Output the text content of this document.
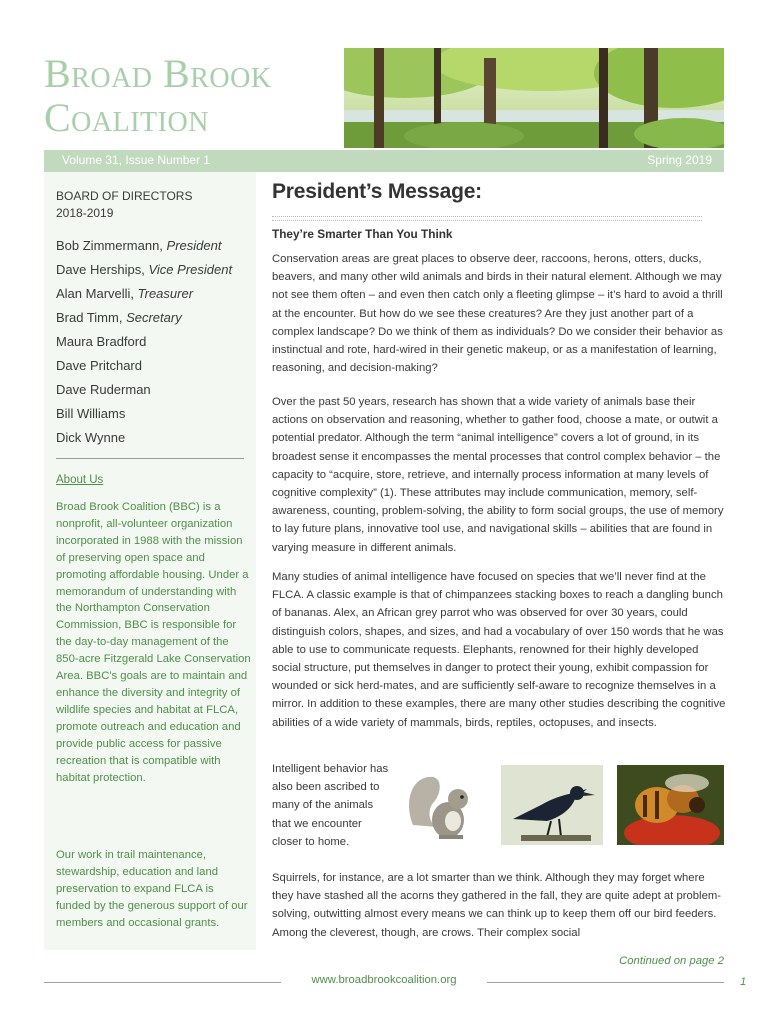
Broad Brook
Coalition
Volume 31, Issue Number 1	Spring 2019
BOARD OF DIRECTORS
2018-2019
Bob Zimmermann, President
Dave Herships, Vice President
Alan Marvelli, Treasurer
Brad Timm, Secretary
Maura Bradford
Dave Pritchard
Dave Ruderman
Bill Williams
Dick Wynne
About Us

Broad Brook Coalition (BBC) is a nonprofit, all-volunteer organization incorporated in 1988 with the mission of preserving open space and promoting affordable housing. Under a memorandum of understanding with the Northampton Conservation Commission, BBC is responsible for the day-to-day management of the 850-acre Fitzgerald Lake Conservation Area. BBC's goals are to maintain and enhance the diversity and integrity of wildlife species and habitat at FLCA, promote outreach and education and provide public access for passive recreation that is compatible with habitat protection.

Our work in trail maintenance, stewardship, education and land preservation to expand FLCA is funded by the generous support of our members and occasional grants.

President’s Message:
They’re Smarter Than You Think

Conservation areas are great places to observe deer, raccoons, herons, otters, ducks, beavers, and many other wild animals and birds in their natural element. Although we may not see them often – and even then catch only a fleeting glimpse – it’s hard to avoid a thrill at the encounter. But how do we see these creatures? Are they just another part of a complex landscape? Do we think of them as individuals? Do we consider their behavior as instinctual and rote, hard-wired in their genetic makeup, or as a manifestation of learning, reasoning, and decision-making?

Over the past 50 years, research has shown that a wide variety of animals base their actions on observation and reasoning, whether to gather food, choose a mate, or outwit a potential predator. Although the term “animal intelligence” covers a lot of ground, in its broadest sense it encompasses the mental processes that control complex behavior – the capacity to “acquire, store, retrieve, and internally process information at many levels of cognitive complexity” (1). These attributes may include communication, memory, self-awareness, counting, problem-solving, the ability to form social groups, the use of memory to lay future plans, innovative tool use, and navigational skills – abilities that are found in varying measure in different animals.

Many studies of animal intelligence have focused on species that we’ll never find at the FLCA. A classic example is that of chimpanzees stacking boxes to reach a dangling bunch of bananas. Alex, an African grey parrot who was observed for over 30 years, could distinguish colors, shapes, and sizes, and had a vocabulary of over 150 words that he was able to use to communicate requests. Elephants, renowned for their highly developed social structure, put themselves in danger to protect their young, exhibit compassion for wounded or sick herd-mates, and are sufficiently self-aware to recognize themselves in a mirror. In addition to these examples, there are many other studies describing the cognitive abilities of a wide variety of mammals, birds, reptiles, octopuses, and insects.

Intelligent behavior has also been ascribed to many of the animals that we encounter closer to home.

Squirrels, for instance, are a lot smarter than we think. Although they may forget where they have stashed all the acorns they gathered in the fall, they are quite adept at problem-solving, outwitting almost every means we can think up to keep them off our bird feeders. Among the cleverest, though, are crows. Their complex social

Continued on page 2
www.broadbrookcoalition.org	1
